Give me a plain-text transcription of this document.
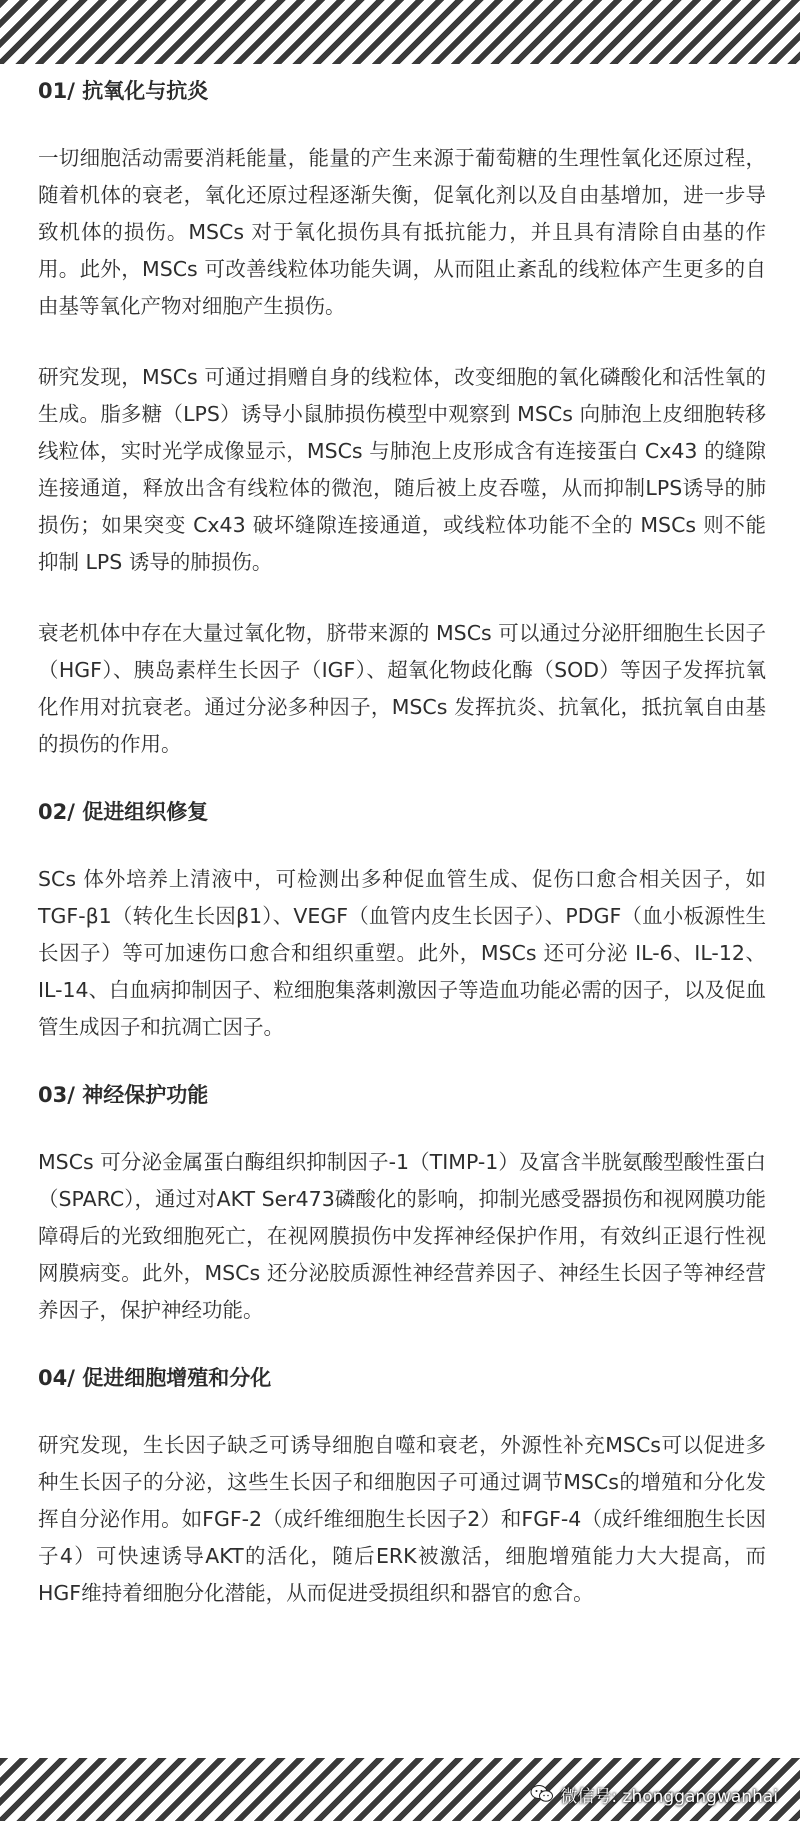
01/ 抗氧化与抗炎

一切细胞活动需要消耗能量，能量的产生来源于葡萄糖的生理性氧化还原过程，随着机体的衰老，氧化还原过程逐渐失衡，促氧化剂以及自由基增加，进一步导致机体的损伤。MSCs 对于氧化损伤具有抵抗能力，并且具有清除自由基的作用。此外，MSCs 可改善线粒体功能失调，从而阻止紊乱的线粒体产生更多的自由基等氧化产物对细胞产生损伤。

研究发现，MSCs 可通过捐赠自身的线粒体，改变细胞的氧化磷酸化和活性氧的生成。脂多糖（LPS）诱导小鼠肺损伤模型中观察到 MSCs 向肺泡上皮细胞转移线粒体，实时光学成像显示，MSCs 与肺泡上皮形成含有连接蛋白 Cx43 的缝隙连接通道，释放出含有线粒体的微泡，随后被上皮吞噬，从而抑制LPS诱导的肺损伤；如果突变 Cx43 破坏缝隙连接通道，或线粒体功能不全的 MSCs 则不能抑制 LPS 诱导的肺损伤。

衰老机体中存在大量过氧化物，脐带来源的 MSCs 可以通过分泌肝细胞生长因子（HGF）、胰岛素样生长因子（IGF）、超氧化物歧化酶（SOD）等因子发挥抗氧化作用对抗衰老。通过分泌多种因子，MSCs 发挥抗炎、抗氧化，抵抗氧自由基的损伤的作用。

02/ 促进组织修复

SCs 体外培养上清液中，可检测出多种促血管生成、促伤口愈合相关因子，如TGF-β1（转化生长因β1）、VEGF（血管内皮生长因子）、PDGF（血小板源性生长因子）等可加速伤口愈合和组织重塑。此外，MSCs 还可分泌 IL-6、IL-12、IL-14、白血病抑制因子、粒细胞集落刺激因子等造血功能必需的因子，以及促血管生成因子和抗凋亡因子。

03/ 神经保护功能

MSCs 可分泌金属蛋白酶组织抑制因子-1（TIMP-1）及富含半胱氨酸型酸性蛋白（SPARC），通过对AKT Ser473磷酸化的影响，抑制光感受器损伤和视网膜功能障碍后的光致细胞死亡，在视网膜损伤中发挥神经保护作用，有效纠正退行性视网膜病变。此外，MSCs 还分泌胶质源性神经营养因子、神经生长因子等神经营养因子，保护神经功能。

04/ 促进细胞增殖和分化

研究发现，生长因子缺乏可诱导细胞自噬和衰老，外源性补充MSCs可以促进多种生长因子的分泌，这些生长因子和细胞因子可通过调节MSCs的增殖和分化发挥自分泌作用。如FGF-2（成纤维细胞生长因子2）和FGF-4（成纤维细胞生长因子4）可快速诱导AKT的活化，随后ERK被激活，细胞增殖能力大大提高，而HGF维持着细胞分化潜能，从而促进受损组织和器官的愈合。

微信号: zhonggangwanhai
